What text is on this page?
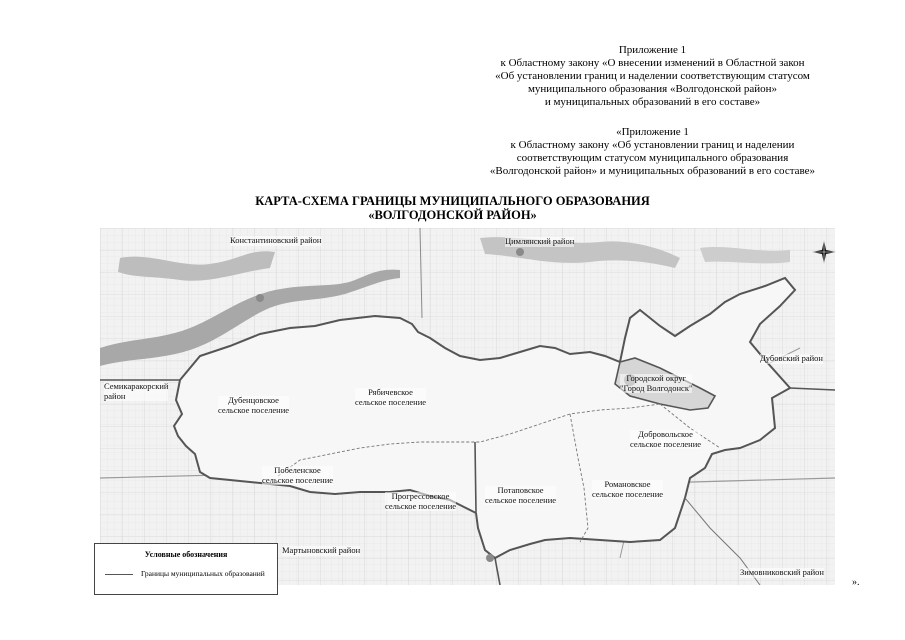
Приложение 1
к Областному закону «О внесении изменений в Областной закон
«Об установлении границ и наделении соответствующим статусом
муниципального образования «Волгодонской район»
и муниципальных образований в его составе»
«Приложение 1
к Областному закону «Об установлении границ и наделении
соответствующим статусом муниципального образования
«Волгодонской район» и муниципальных образований в его составе»
КАРТА-СХЕМА ГРАНИЦЫ МУНИЦИПАЛЬНОГО ОБРАЗОВАНИЯ
«ВОЛГОДОНСКОЙ РАЙОН»
Константиновский район	Цимлянский район
Семикаракорский
район
Дубовский район
Мартыновский район
Зимовниковский район
Дубенцовское
сельское поселение
Рябичевское
сельское поселение
Побеленское
сельское поселение
Прогрессовское
сельское поселение
Потаповское
сельское поселение
Романовское
сельское поселение
Добровольское
сельское поселение
Городской округ
"Город Волгодонск"
Условные обозначения
Границы муниципальных образований
».
